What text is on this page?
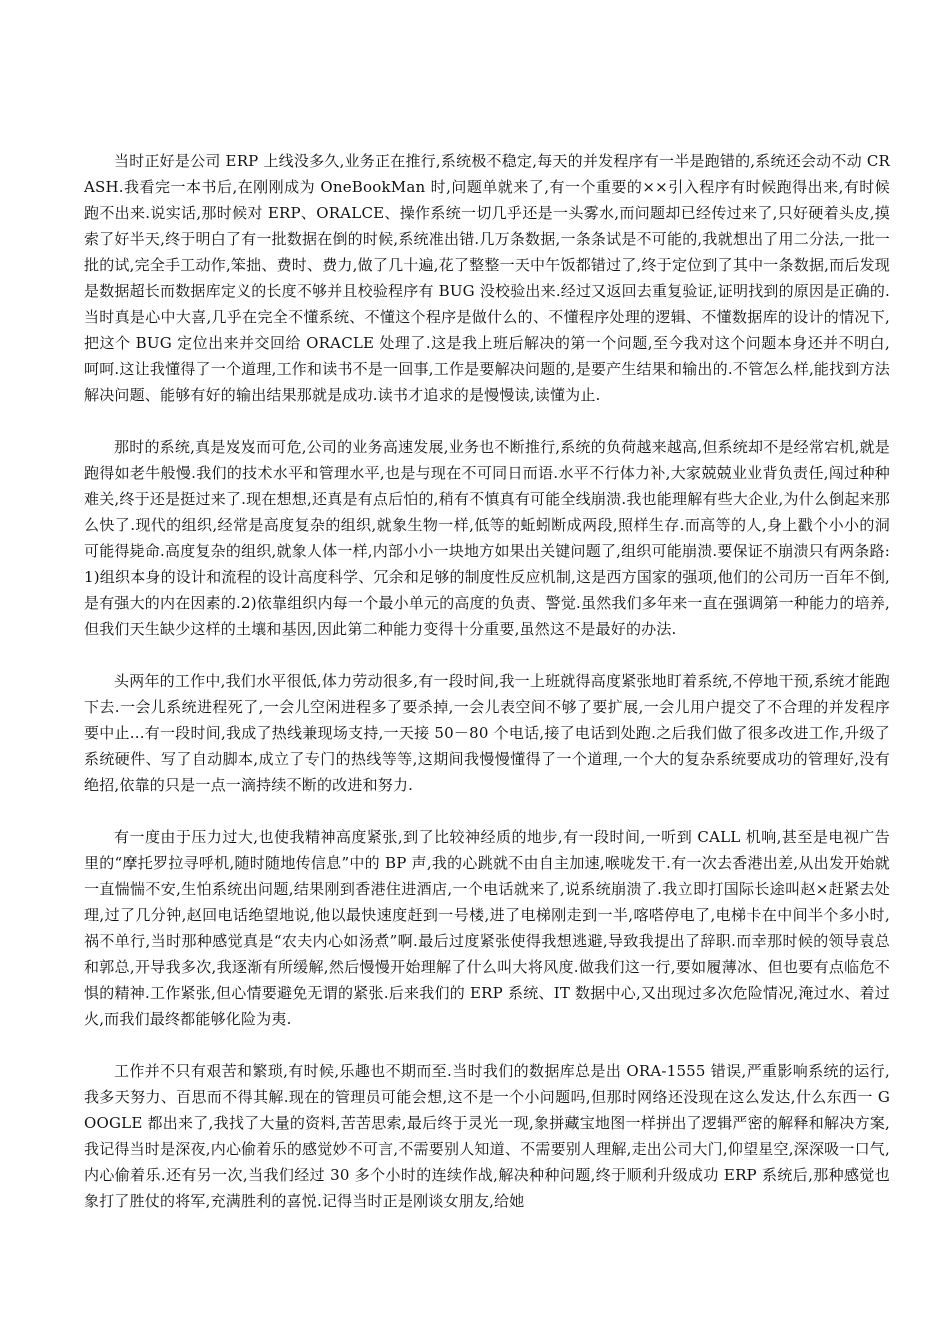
当时正好是公司 ERP 上线没多久,业务正在推行,系统极不稳定,每天的并发程序有一半是跑错的,系统还会动不动 CRASH.我看完一本书后,在刚刚成为 OneBookMan 时,问题单就来了,有一个重要的××引入程序有时候跑得出来,有时候跑不出来.说实话,那时候对 ERP、ORALCE、操作系统一切几乎还是一头雾水,而问题却已经传过来了,只好硬着头皮,摸索了好半天,终于明白了有一批数据在倒的时候,系统准出错.几万条数据,一条条试是不可能的,我就想出了用二分法,一批一批的试,完全手工动作,笨拙、费时、费力,做了几十遍,花了整整一天中午饭都错过了,终于定位到了其中一条数据,而后发现是数据超长而数据库定义的长度不够并且校验程序有 BUG 没校验出来.经过又返回去重复验证,证明找到的原因是正确的.当时真是心中大喜,几乎在完全不懂系统、不懂这个程序是做什么的、不懂程序处理的逻辑、不懂数据库的设计的情况下,把这个 BUG 定位出来并交回给 ORACLE 处理了.这是我上班后解决的第一个问题,至今我对这个问题本身还并不明白,呵呵.这让我懂得了一个道理,工作和读书不是一回事,工作是要解决问题的,是要产生结果和输出的.不管怎么样,能找到方法解决问题、能够有好的输出结果那就是成功.读书才追求的是慢慢读,读懂为止.

那时的系统,真是岌岌而可危,公司的业务高速发展,业务也不断推行,系统的负荷越来越高,但系统却不是经常宕机,就是跑得如老牛般慢.我们的技术水平和管理水平,也是与现在不可同日而语.水平不行体力补,大家兢兢业业背负责任,闯过种种难关,终于还是挺过来了.现在想想,还真是有点后怕的,稍有不慎真有可能全线崩溃.我也能理解有些大企业,为什么倒起来那么快了.现代的组织,经常是高度复杂的组织,就象生物一样,低等的蚯蚓断成两段,照样生存.而高等的人,身上戳个小小的洞可能得毙命.高度复杂的组织,就象人体一样,内部小小一块地方如果出关键问题了,组织可能崩溃.要保证不崩溃只有两条路:1)组织本身的设计和流程的设计高度科学、冗余和足够的制度性反应机制,这是西方国家的强项,他们的公司历一百年不倒,是有强大的内在因素的.2)依靠组织内每一个最小单元的高度的负责、警觉.虽然我们多年来一直在强调第一种能力的培养,但我们天生缺少这样的土壤和基因,因此第二种能力变得十分重要,虽然这不是最好的办法.

头两年的工作中,我们水平很低,体力劳动很多,有一段时间,我一上班就得高度紧张地盯着系统,不停地干预,系统才能跑下去.一会儿系统进程死了,一会儿空闲进程多了要杀掉,一会儿表空间不够了要扩展,一会儿用户提交了不合理的并发程序要中止...有一段时间,我成了热线兼现场支持,一天接 50－80 个电话,接了电话到处跑.之后我们做了很多改进工作,升级了系统硬件、写了自动脚本,成立了专门的热线等等,这期间我慢慢懂得了一个道理,一个大的复杂系统要成功的管理好,没有绝招,依靠的只是一点一滴持续不断的改进和努力.

有一度由于压力过大,也使我精神高度紧张,到了比较神经质的地步,有一段时间,一听到 CALL 机响,甚至是电视广告里的“摩托罗拉寻呼机,随时随地传信息”中的 BP 声,我的心跳就不由自主加速,喉咙发干.有一次去香港出差,从出发开始就一直惴惴不安,生怕系统出问题,结果刚到香港住进酒店,一个电话就来了,说系统崩溃了.我立即打国际长途叫赵×赶紧去处理,过了几分钟,赵回电话绝望地说,他以最快速度赶到一号楼,进了电梯刚走到一半,喀嗒停电了,电梯卡在中间半个多小时,祸不单行,当时那种感觉真是“农夫内心如汤煮”啊.最后过度紧张使得我想逃避,导致我提出了辞职.而幸那时候的领导袁总和郭总,开导我多次,我逐渐有所缓解,然后慢慢开始理解了什么叫大将风度.做我们这一行,要如履薄冰、但也要有点临危不惧的精神.工作紧张,但心情要避免无谓的紧张.后来我们的 ERP 系统、IT 数据中心,又出现过多次危险情况,淹过水、着过火,而我们最终都能够化险为夷.

工作并不只有艰苦和繁琐,有时候,乐趣也不期而至.当时我们的数据库总是出 ORA-1555 错误,严重影响系统的运行,我多天努力、百思而不得其解.现在的管理员可能会想,这不是一个小问题吗,但那时网络还没现在这么发达,什么东西一 GOOGLE 都出来了,我找了大量的资料,苦苦思索,最后终于灵光一现,象拼藏宝地图一样拼出了逻辑严密的解释和解决方案,我记得当时是深夜,内心偷着乐的感觉妙不可言,不需要别人知道、不需要别人理解,走出公司大门,仰望星空,深深吸一口气,内心偷着乐.还有另一次,当我们经过 30 多个小时的连续作战,解决种种问题,终于顺利升级成功 ERP 系统后,那种感觉也象打了胜仗的将军,充满胜利的喜悦.记得当时正是刚谈女朋友,给她
